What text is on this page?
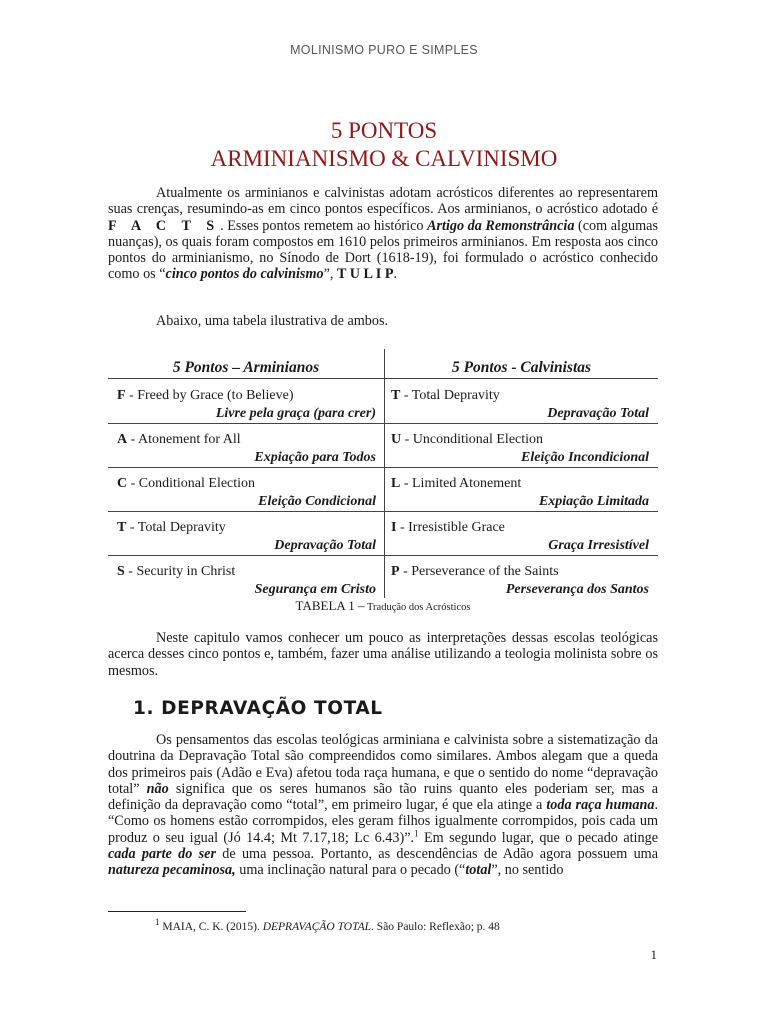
MOLINISMO PURO E SIMPLES
5 PONTOS
ARMINIANISMO & CALVINISMO

Atualmente os arminianos e calvinistas adotam acrósticos diferentes ao representarem suas crenças, resumindo-as em cinco pontos específicos. Aos arminianos, o acróstico adotado é F A C T S. Esses pontos remetem ao histórico Artigo da Remonstrância (com algumas nuanças), os quais foram compostos em 1610 pelos primeiros arminianos. Em resposta aos cinco pontos do arminianismo, no Sínodo de Dort (1618-19), foi formulado o acróstico conhecido como os “cinco pontos do calvinismo”, T U L I P.

Abaixo, uma tabela ilustrativa de ambos.

5 Pontos – Arminianos	5 Pontos - Calvinistas
F - Freed by Grace (to Believe)
Livre pela graça (para crer)
T - Total Depravity
Depravação Total
A - Atonement for All
Expiação para Todos
U - Unconditional Election
Eleição Incondicional
C - Conditional Election
Eleição Condicional
L - Limited Atonement
Expiação Limitada
T - Total Depravity
Depravação Total
I - Irresistible Grace
Graça Irresistível
S - Security in Christ
Segurança em Cristo
P - Perseverance of the Saints
Perseverança dos Santos
TABELA 1 – Tradução dos Acrósticos

Neste capitulo vamos conhecer um pouco as interpretações dessas escolas teológicas acerca desses cinco pontos e, também, fazer uma análise utilizando a teologia molinista sobre os mesmos.

1. DEPRAVAÇÃO TOTAL

Os pensamentos das escolas teológicas arminiana e calvinista sobre a sistematização da doutrina da Depravação Total são compreendidos como similares. Ambos alegam que a queda dos primeiros pais (Adão e Eva) afetou toda raça humana, e que o sentido do nome “depravação total” não significa que os seres humanos são tão ruins quanto eles poderiam ser, mas a definição da depravação como “total”, em primeiro lugar, é que ela atinge a toda raça humana. “Como os homens estão corrompidos, eles geram filhos igualmente corrompidos, pois cada um produz o seu igual (Jó 14.4; Mt 7.17,18; Lc 6.43)”.$^1$ Em segundo lugar, que o pecado atinge cada parte do ser de uma pessoa. Portanto, as descendências de Adão agora possuem uma natureza pecaminosa, uma inclinação natural para o pecado (“total”, no sentido

$^1$ MAIA, C. K. (2015). DEPRAVAÇÃO TOTAL. São Paulo: Reflexão; p. 48
1
